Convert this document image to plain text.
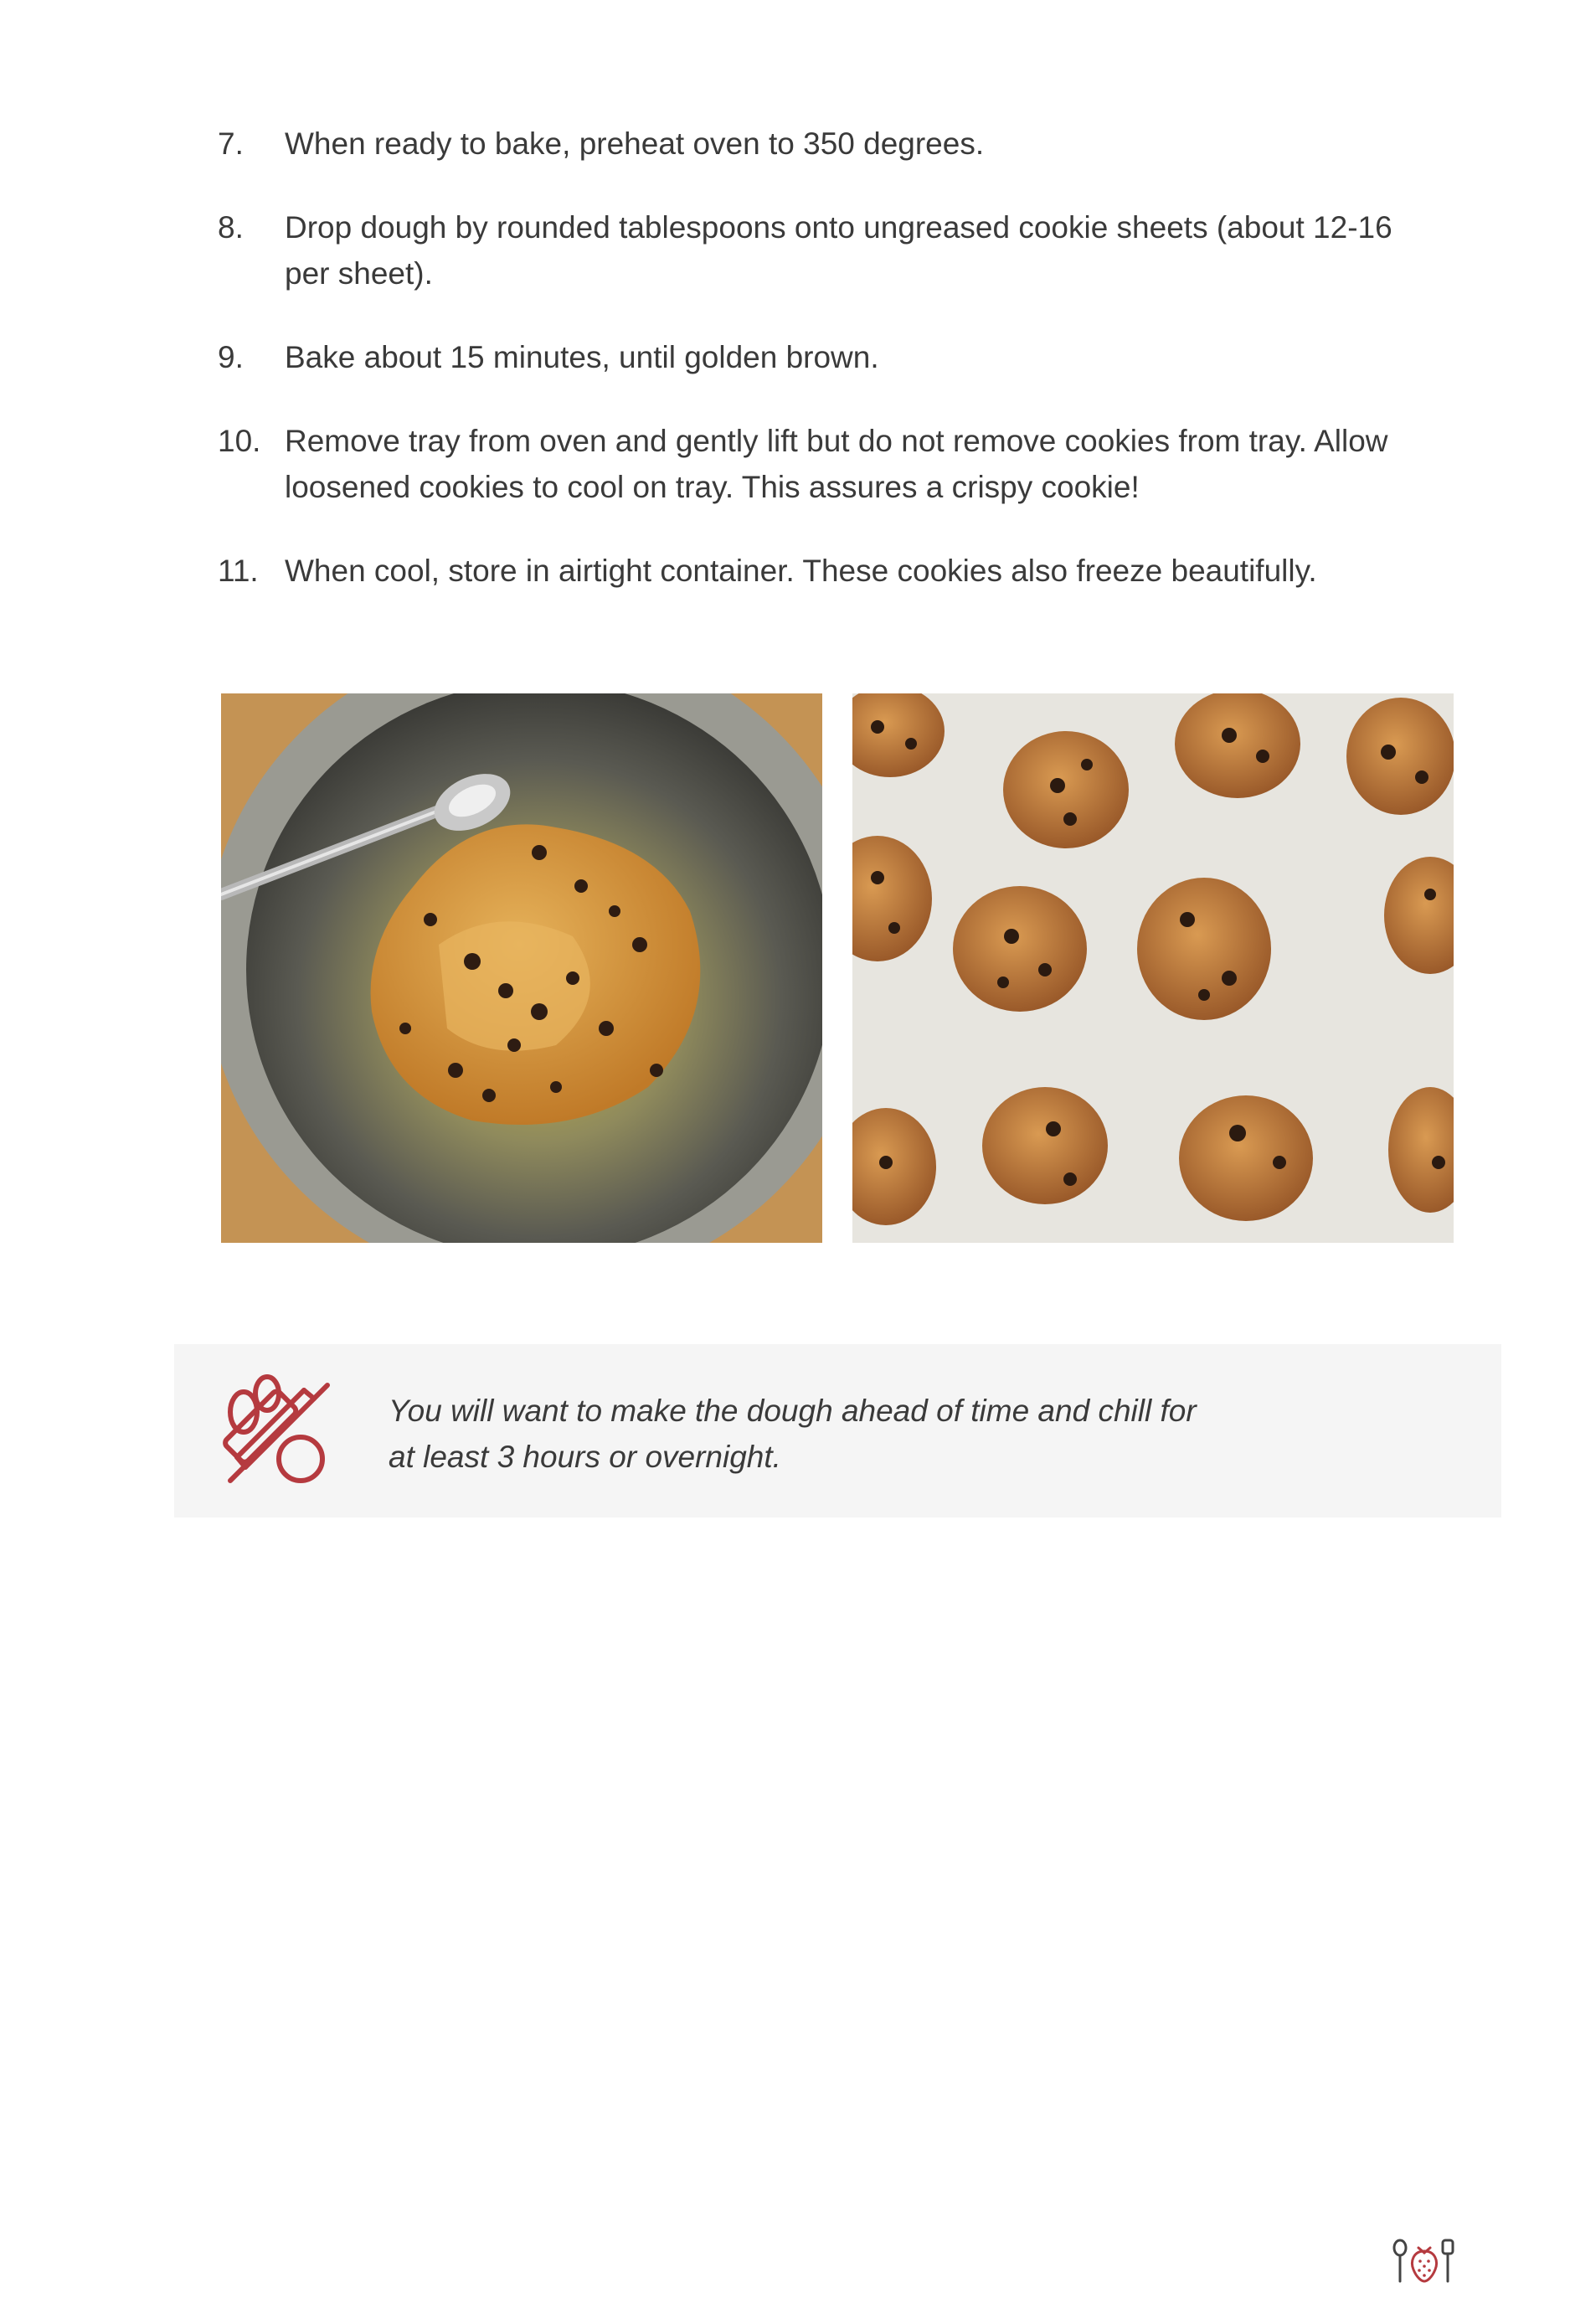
7. When ready to bake, preheat oven to 350 degrees.
8. Drop dough by rounded tablespoons onto ungreased cookie sheets (about 12-16 per sheet).
9. Bake about 15 minutes, until golden brown.
10. Remove tray from oven and gently lift but do not remove cookies from tray. Allow loosened cookies to cool on tray. This assures a crispy cookie!
11. When cool, store in airtight container. These cookies also freeze beautifully.
You will want to make the dough ahead of time and chill for at least 3 hours or overnight.
